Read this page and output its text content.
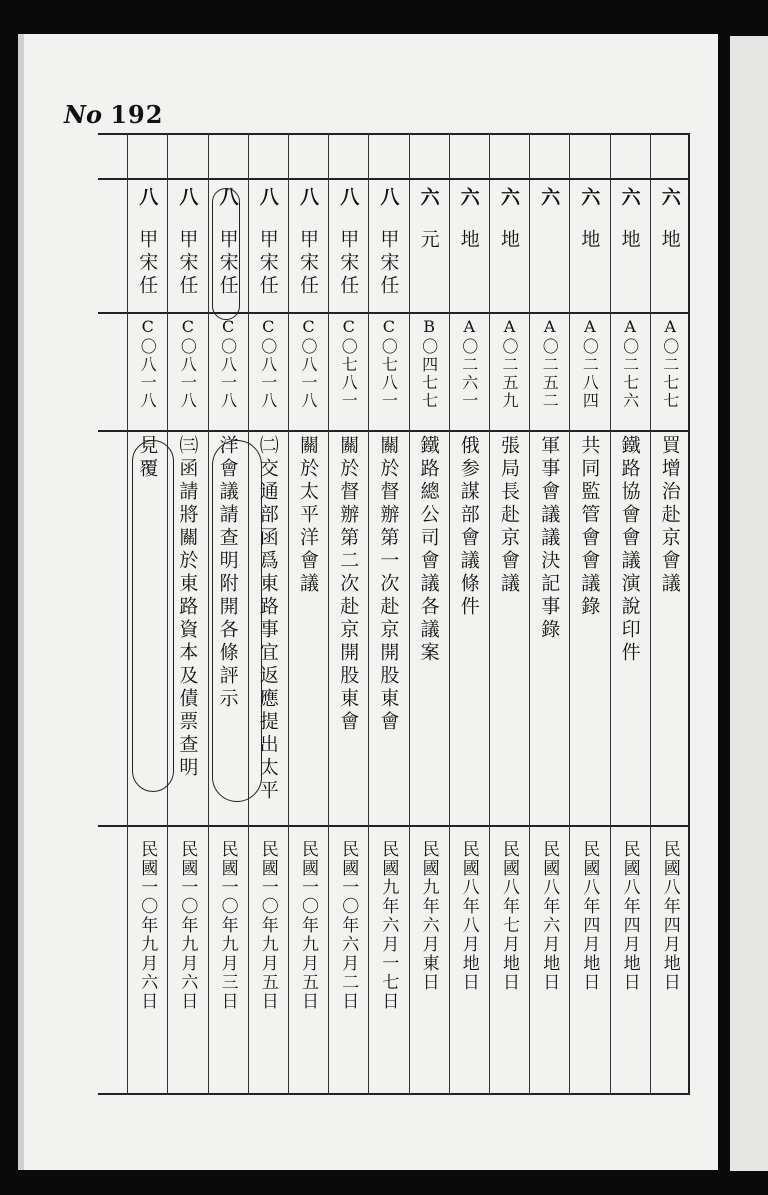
No 192
六
地
A〇二七七
買增治赴京會議
民國八年四月地日
六
地
A〇二七六
鐵路協會會議演說印件
民國八年四月地日
六
地
A〇二八四
共同監管會會議錄
民國八年四月地日
六
A〇二五二
軍事會議議決記事錄
民國八年六月地日
六
地
A〇二五九
張局長赴京會議
民國八年七月地日
六
地
A〇二六一
俄参謀部會議條件
民國八年八月地日
六
元
B〇四七七
鐵路總公司會議各議案
民國九年六月東日
八
甲宋任
C〇七八一
關於督辦第一次赴京開股東會
民國九年六月一七日
八
甲宋任
C〇七八一
關於督辦第二次赴京開股東會
民國一〇年六月二日
八
甲宋任
C〇八一八
關於太平洋會議
民國一〇年九月五日
八
甲宋任
C〇八一八
㈡交通部函爲東路事宜返應提出太平
民國一〇年九月五日
八
甲宋任
C〇八一八
洋會議請查明附開各條評示
民國一〇年九月三日
八
甲宋任
C〇八一八
㈢函請將關於東路資本及債票查明
民國一〇年九月六日
八
甲宋任
C〇八一八
見覆
民國一〇年九月六日
